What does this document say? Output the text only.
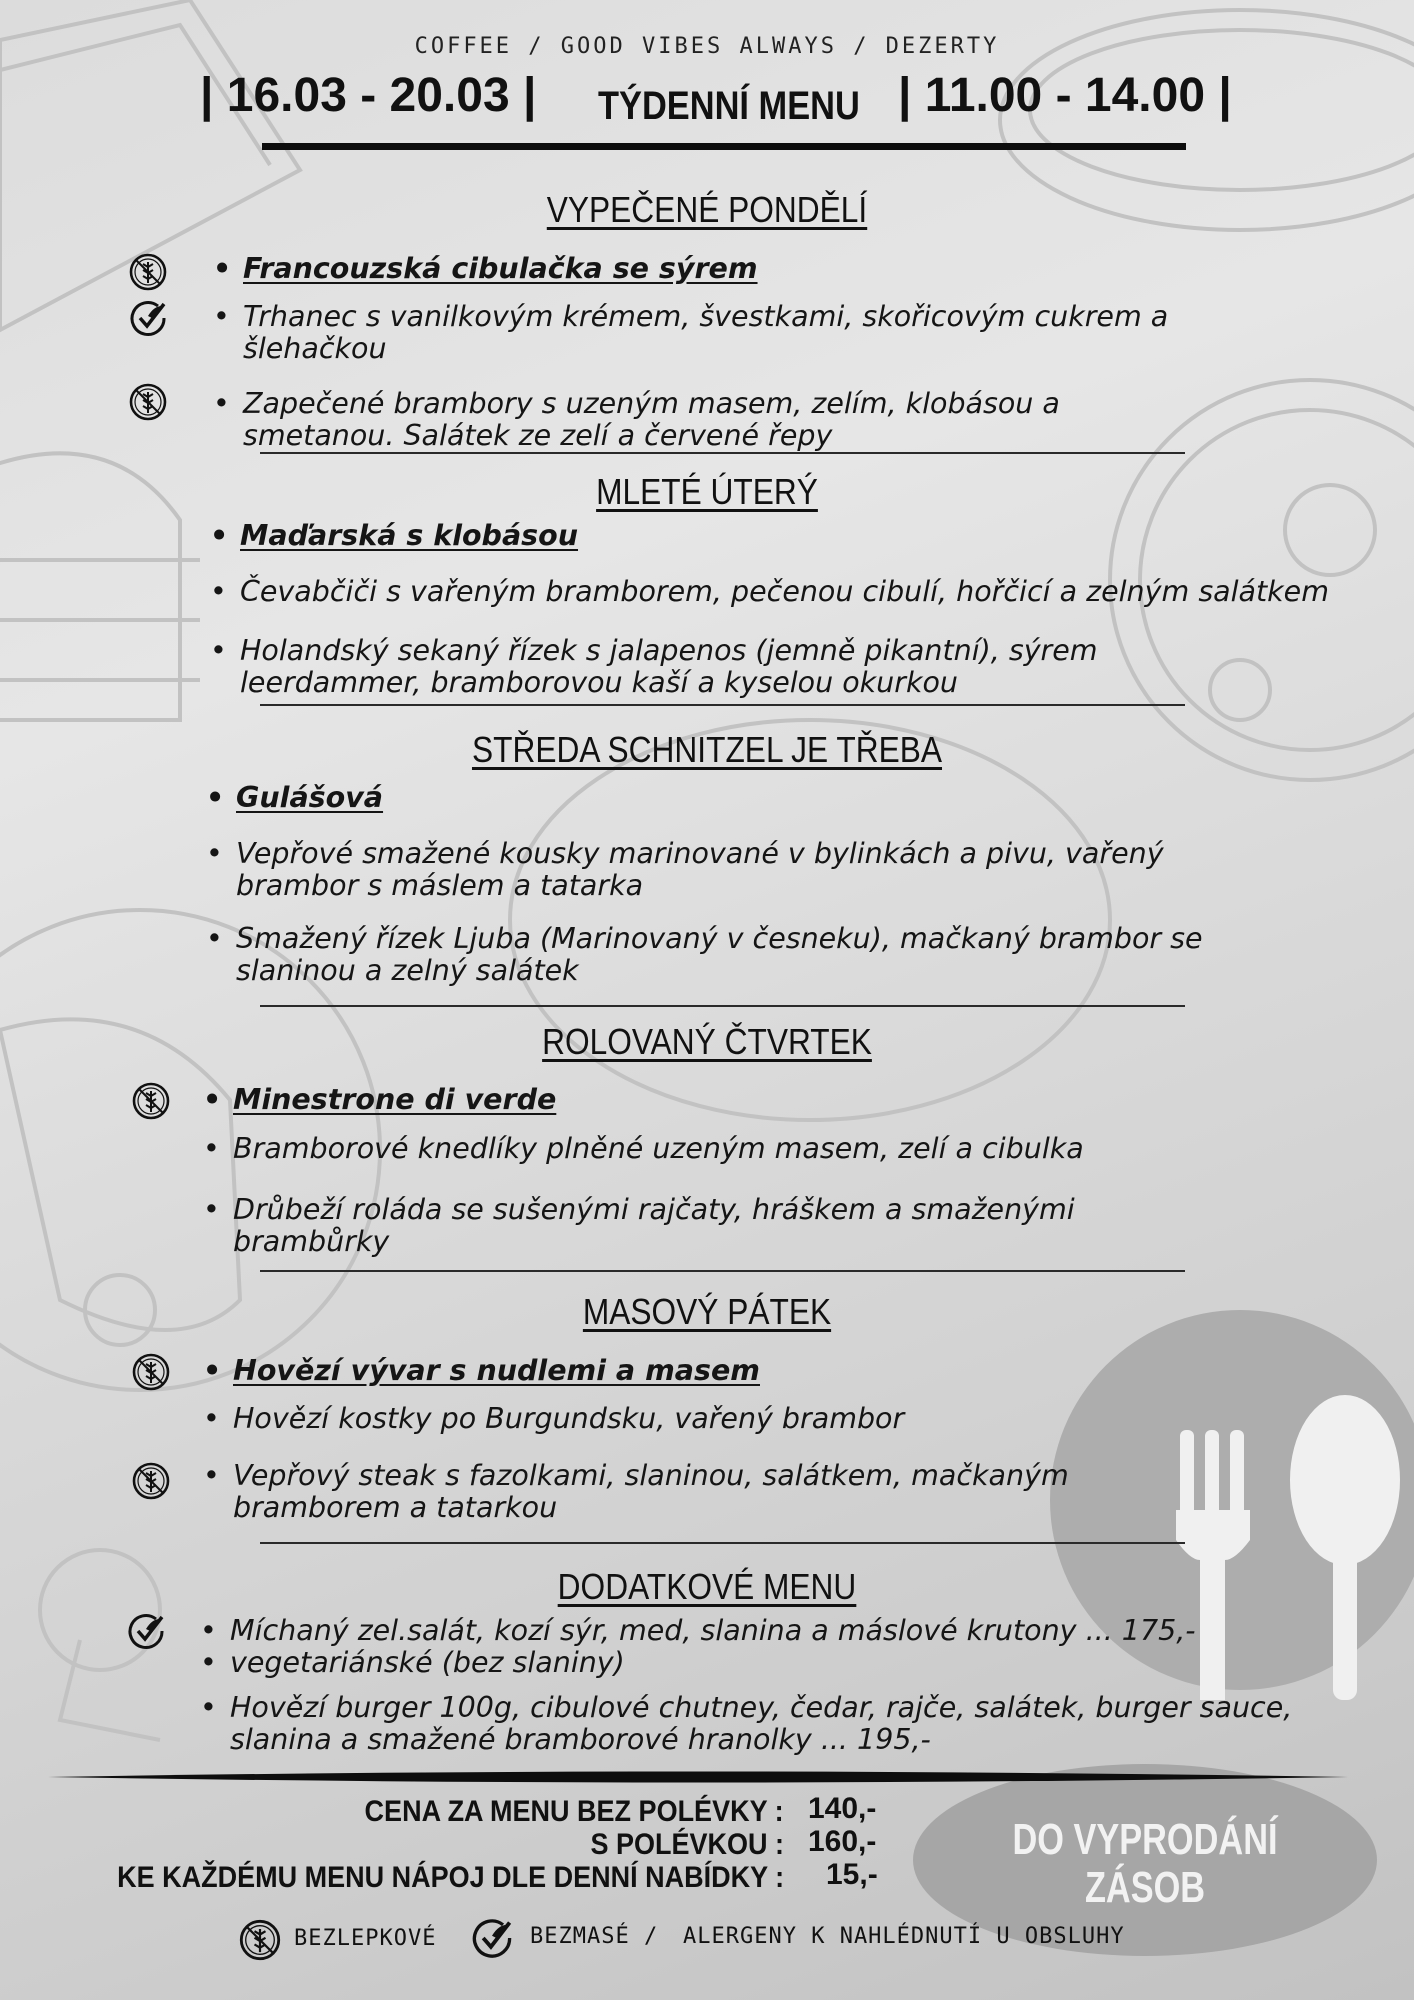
COFFEE / GOOD VIBES ALWAYS / DEZERTY
| 16.03 - 20.03 | TÝDENNÍ MENU | 11.00 - 14.00 |
VYPEČENÉ PONDĚLÍ
• Francouzská cibulačka se sýrem
• Trhanec s vanilkovým krémem, švestkami, skořicovým cukrem a šlehačkou
• Zapečené brambory s uzeným masem, zelím, klobásou a smetanou. Salátek ze zelí a červené řepy
MLETÉ ÚTERÝ
• Maďarská s klobásou
• Čevabčiči s vařeným bramborem, pečenou cibulí, hořčicí a zelným salátkem
• Holandský sekaný řízek s jalapenos (jemně pikantní), sýrem leerdammer, bramborovou kaší a kyselou okurkou
STŘEDA SCHNITZEL JE TŘEBA
• Gulášová
• Vepřové smažené kousky marinované v bylinkách a pivu, vařený brambor s máslem a tatarka
• Smažený řízek Ljuba (Marinovaný v česneku), mačkaný brambor se slaninou a zelný salátek
ROLOVANÝ ČTVRTEK
• Minestrone di verde
• Bramborové knedlíky plněné uzeným masem, zelí a cibulka
• Drůbeží roláda se sušenými rajčaty, hráškem a smaženými brambůrky
MASOVÝ PÁTEK
• Hovězí vývar s nudlemi a masem
• Hovězí kostky po Burgundsku, vařený brambor
• Vepřový steak s fazolkami, slaninou, salátkem, mačkaným bramborem a tatarkou
DODATKOVÉ MENU
• Míchaný zel.salát, kozí sýr, med, slanina a máslové krutony ... 175,-
• vegetariánské (bez slaniny)
• Hovězí burger 100g, cibulové chutney, čedar, rajče, salátek, burger sauce, slanina a smažené bramborové hranolky ... 195,-
CENA ZA MENU BEZ POLÉVKY : 140,-
S POLÉVKOU : 160,-
KE KAŽDÉMU MENU NÁPOJ DLE DENNÍ NABÍDKY : 15,-
DO VYPRODÁNÍ
ZÁSOB
BEZLEPKOVÉ	BEZMASÉ / ALERGENY K NAHLÉDNUTÍ U OBSLUHY
